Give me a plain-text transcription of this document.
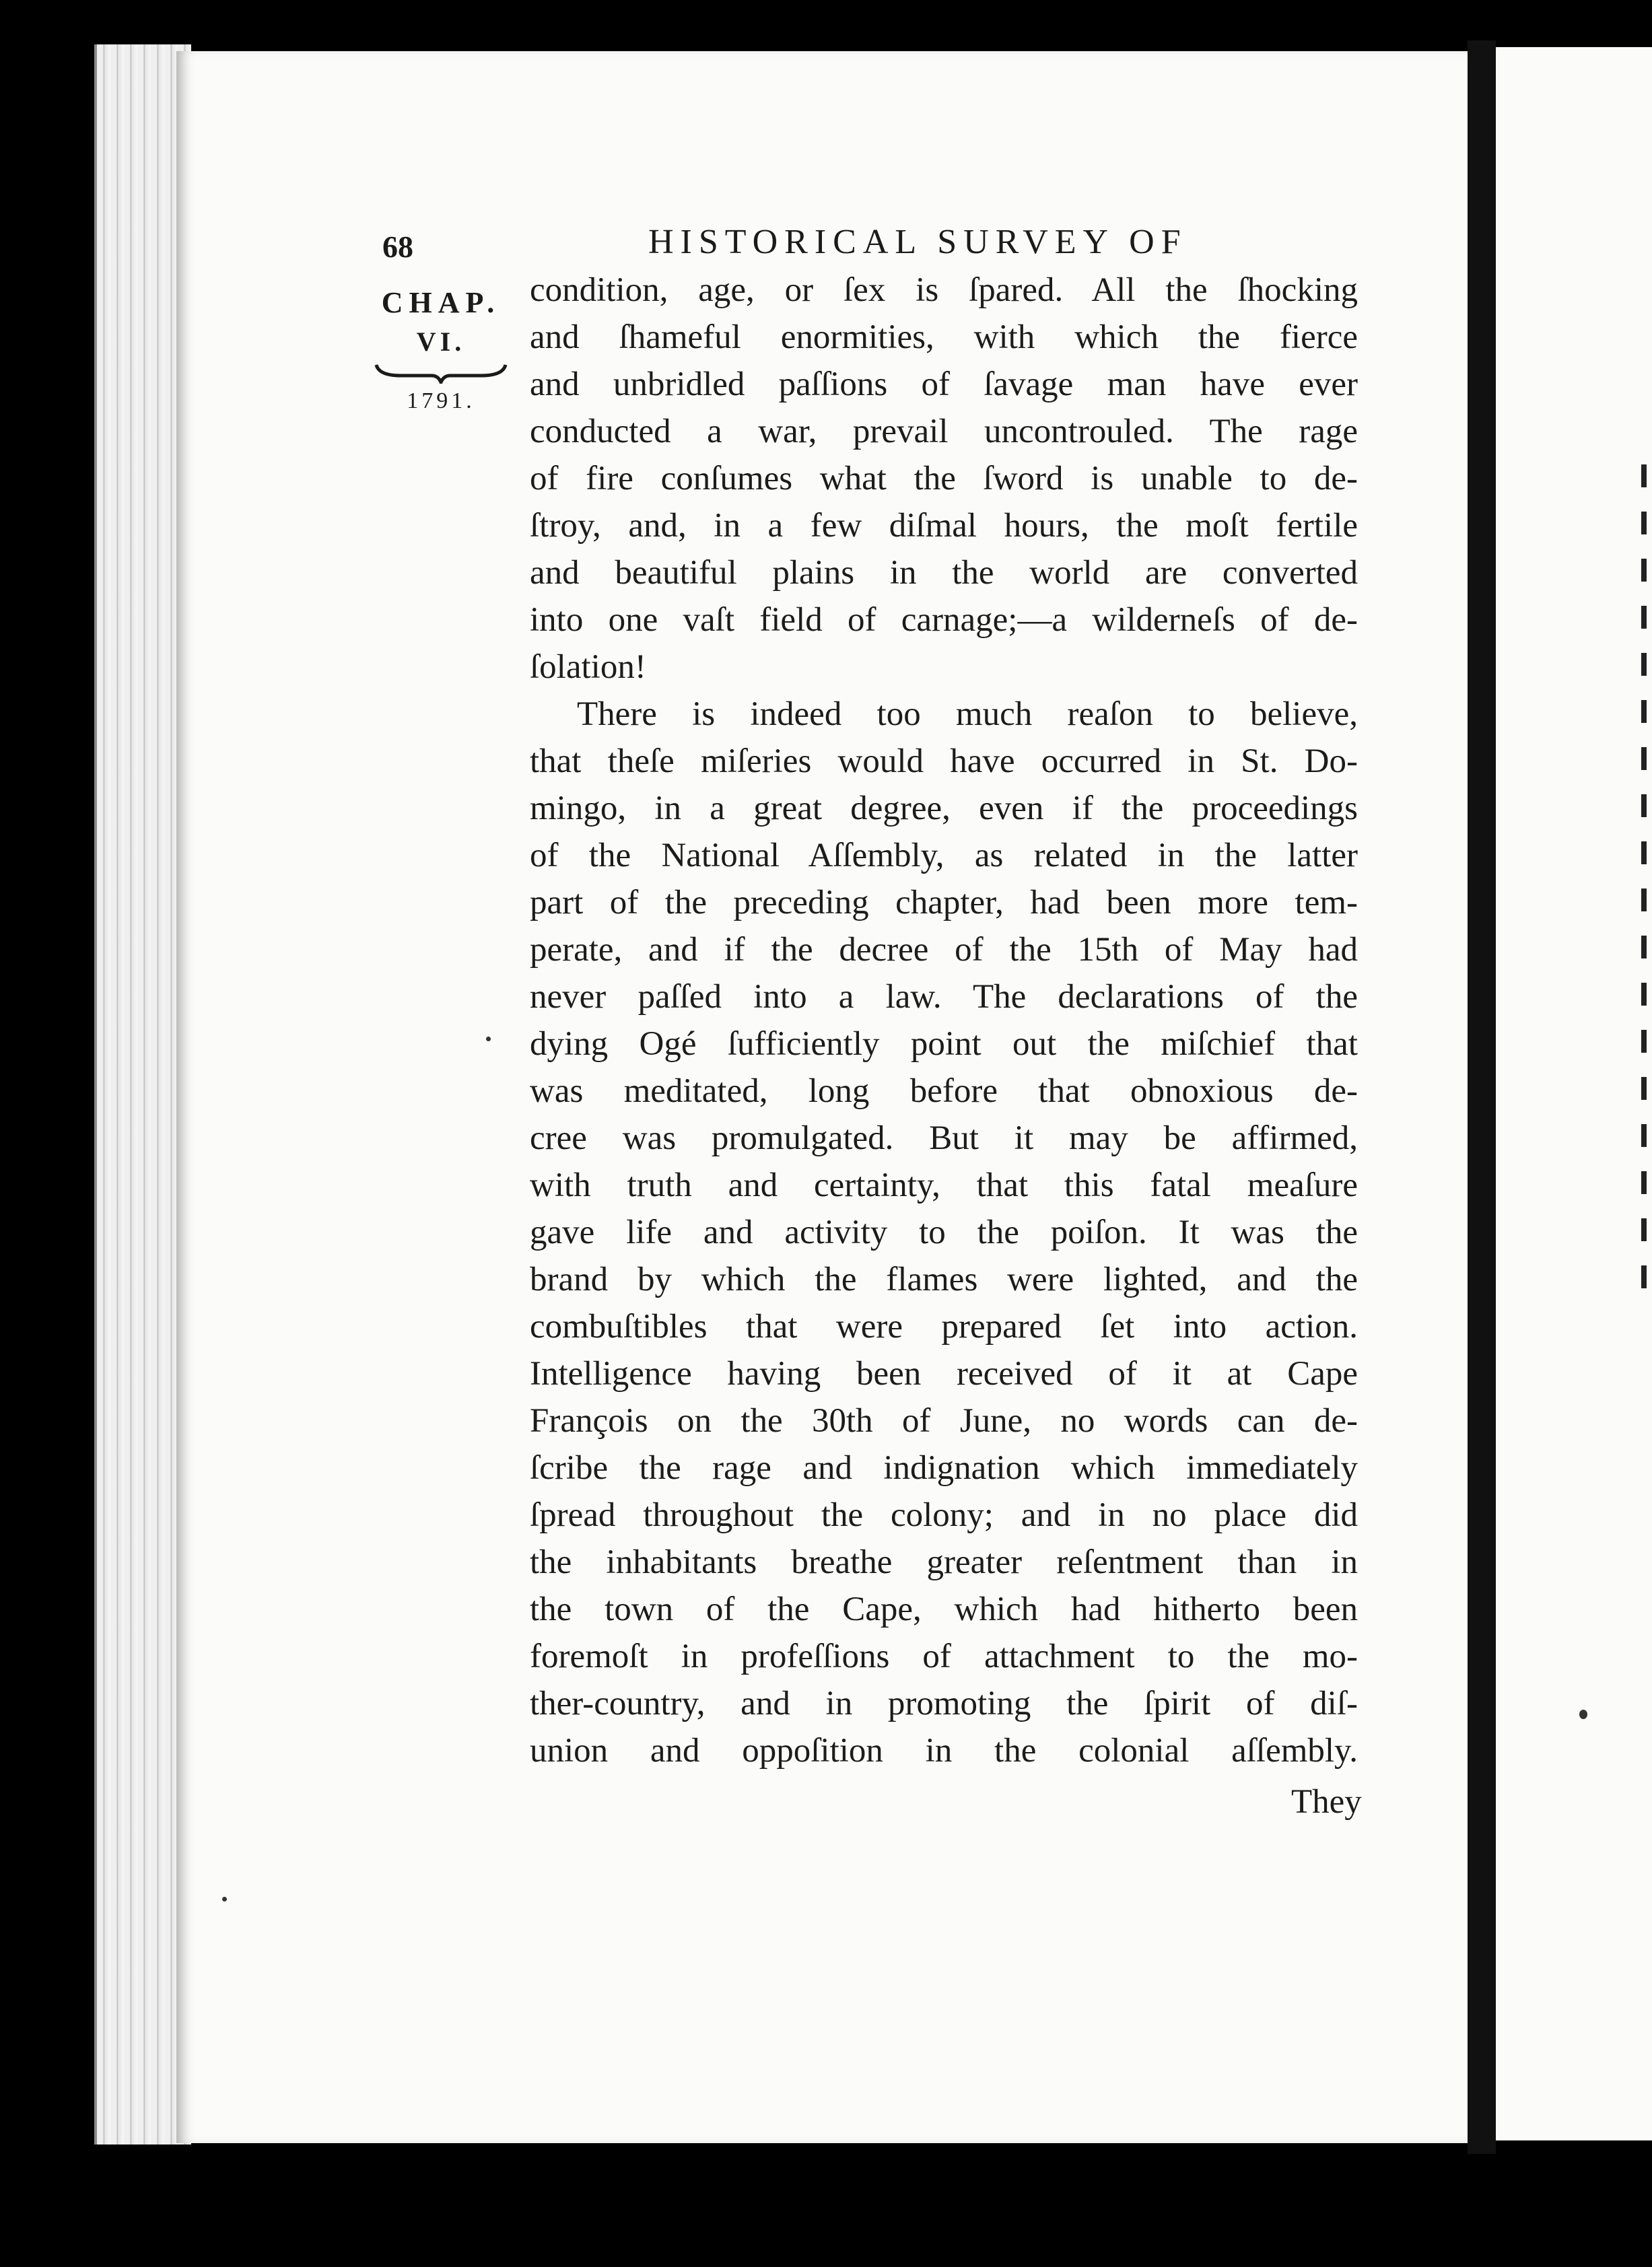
68	HISTORICAL SURVEY OF
CHAP.
VI.
1791.
condition, age, or ſex is ſpared. All the ſhocking
and ſhameful enormities, with which the fierce
and unbridled paſſions of ſavage man have ever
conducted a war, prevail uncontrouled. The rage
of fire conſumes what the ſword is unable to de-
ſtroy, and, in a few diſmal hours, the moſt fertile
and beautiful plains in the world are converted
into one vaſt field of carnage;—a wilderneſs of de-
ſolation!
There is indeed too much reaſon to believe,
that theſe miſeries would have occurred in St. Do-
mingo, in a great degree, even if the proceedings
of the National Aſſembly, as related in the latter
part of the preceding chapter, had been more tem-
perate, and if the decree of the 15th of May had
never paſſed into a law. The declarations of the
dying Ogé ſufficiently point out the miſchief that
was meditated, long before that obnoxious de-
cree was promulgated. But it may be affirmed,
with truth and certainty, that this fatal meaſure
gave life and activity to the poiſon. It was the
brand by which the flames were lighted, and the
combuſtibles that were prepared ſet into action.
Intelligence having been received of it at Cape
François on the 30th of June, no words can de-
ſcribe the rage and indignation which immediately
ſpread throughout the colony; and in no place did
the inhabitants breathe greater reſentment than in
the town of the Cape, which had hitherto been
foremoſt in profeſſions of attachment to the mo-
ther-country, and in promoting the ſpirit of diſ-
union and oppoſition in the colonial aſſembly.
They
